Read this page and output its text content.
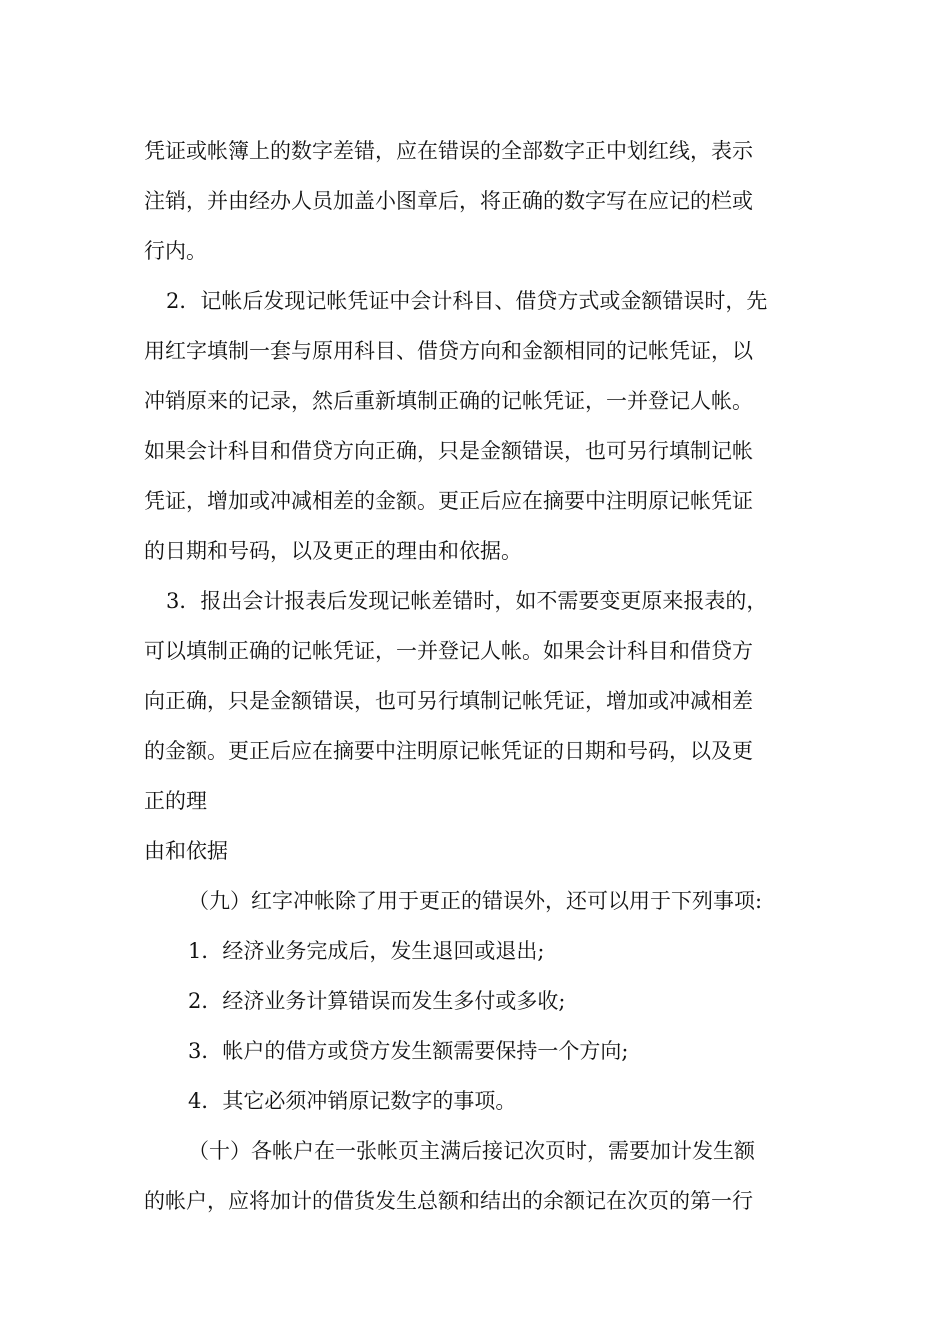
凭证或帐簿上的数字差错，应在错误的全部数字正中划红线，表示
注销，并由经办人员加盖小图章后，将正确的数字写在应记的栏或
行内。
2．记帐后发现记帐凭证中会计科目、借贷方式或金额错误时，先
用红字填制一套与原用科目、借贷方向和金额相同的记帐凭证，以
冲销原来的记录，然后重新填制正确的记帐凭证，一并登记人帐。
如果会计科目和借贷方向正确，只是金额错误，也可另行填制记帐
凭证，增加或冲减相差的金额。更正后应在摘要中注明原记帐凭证
的日期和号码，以及更正的理由和依据。
3．报出会计报表后发现记帐差错时，如不需要变更原来报表的，
可以填制正确的记帐凭证，一并登记人帐。如果会计科目和借贷方
向正确，只是金额错误，也可另行填制记帐凭证，增加或冲减相差
的金额。更正后应在摘要中注明原记帐凭证的日期和号码，以及更
正的理
由和依据
（九）红字冲帐除了用于更正的错误外，还可以用于下列事项:
1．经济业务完成后，发生退回或退出;
2．经济业务计算错误而发生多付或多收;
3．帐户的借方或贷方发生额需要保持一个方向;
4．其它必须冲销原记数字的事项。
（十）各帐户在一张帐页主满后接记次页时，需要加计发生额
的帐户，应将加计的借货发生总额和结出的余额记在次页的第一行
